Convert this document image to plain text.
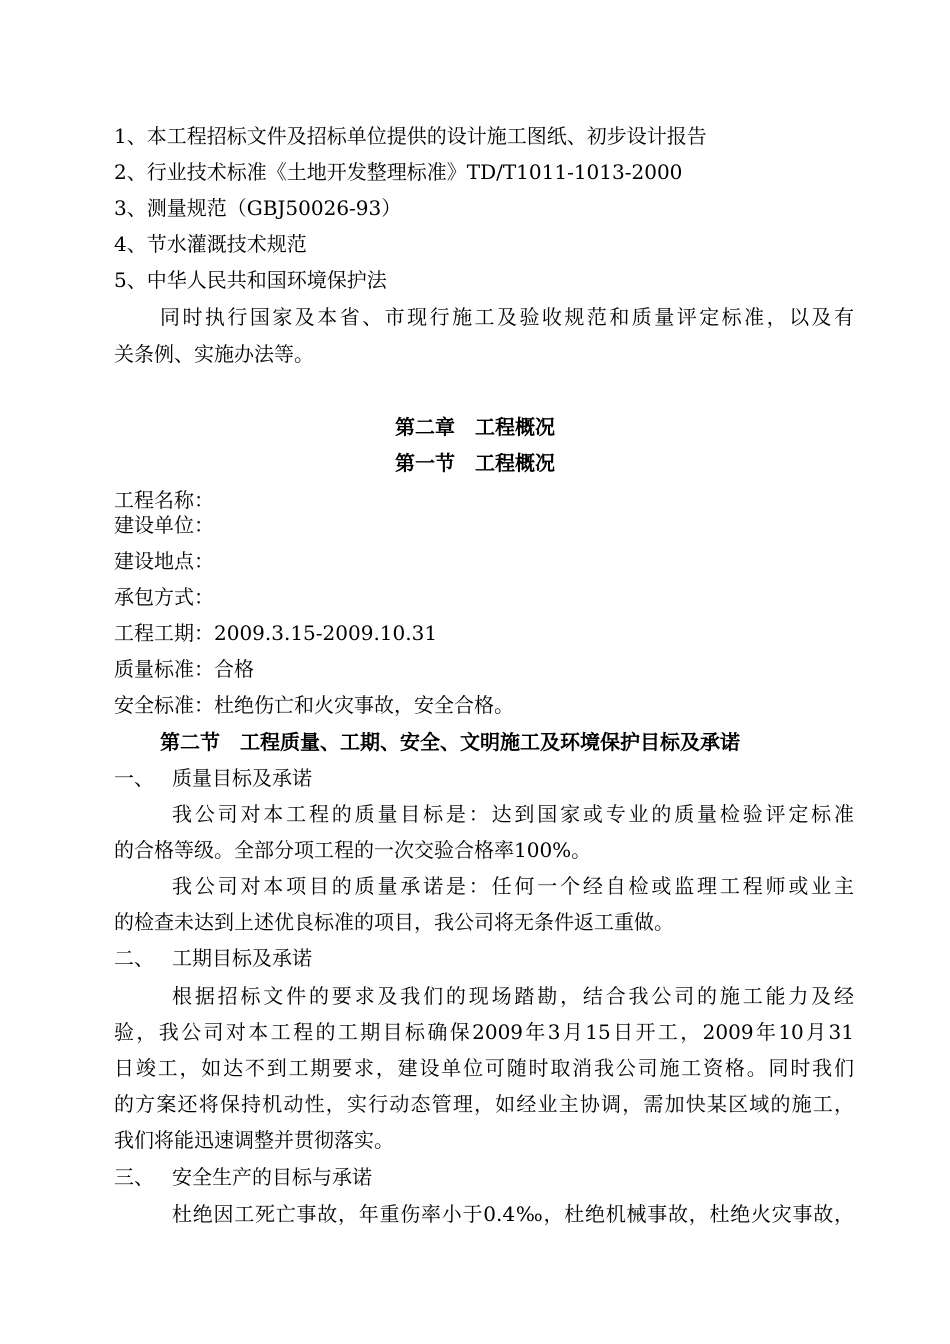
1、本工程招标文件及招标单位提供的设计施工图纸、初步设计报告
2、行业技术标准《土地开发整理标准》TD/T1011-1013-2000
3、测量规范（GBJ50026-93）
4、节水灌溉技术规范
5、中华人民共和国环境保护法
同时执行国家及本省、市现行施工及验收规范和质量评定标准，以及有
关条例、实施办法等。
第二章　工程概况
第一节　工程概况
工程名称：
建设单位：
建设地点：
承包方式：
工程工期：2009.3.15-2009.10.31
质量标准：合格
安全标准：杜绝伤亡和火灾事故，安全合格。
第二节　工程质量、工期、安全、文明施工及环境保护目标及承诺
一、 质量目标及承诺
我公司对本工程的质量目标是：达到国家或专业的质量检验评定标准
的合格等级。全部分项工程的一次交验合格率100%。
我公司对本项目的质量承诺是：任何一个经自检或监理工程师或业主
的检查未达到上述优良标准的项目，我公司将无条件返工重做。
二、 工期目标及承诺
根据招标文件的要求及我们的现场踏勘，结合我公司的施工能力及经
验，我公司对本工程的工期目标确保2009年3月15日开工，2009年10月31
日竣工，如达不到工期要求，建设单位可随时取消我公司施工资格。同时我们
的方案还将保持机动性，实行动态管理，如经业主协调，需加快某区域的施工，
我们将能迅速调整并贯彻落实。
三、 安全生产的目标与承诺
杜绝因工死亡事故，年重伤率小于0.4‰，杜绝机械事故，杜绝火灾事故，
